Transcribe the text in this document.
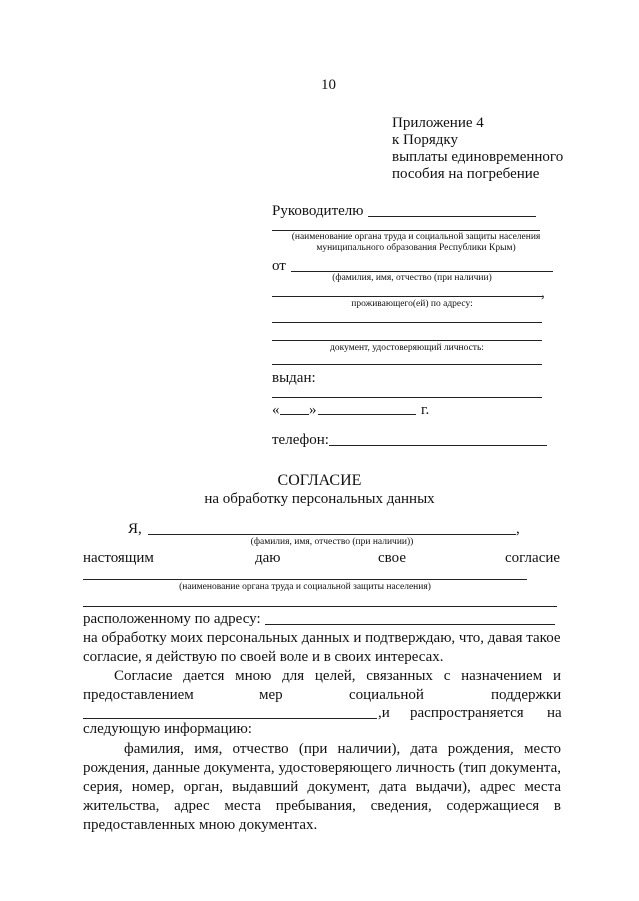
10
Приложение 4
к Порядку
выплаты единовременного
пособия на погребение
Руководителю
(наименование органа труда и социальной защиты населения
муниципального образования Республики Крым)
от
(фамилия, имя, отчество (при наличии)
,
проживающего(ей) по адресу:
документ, удостоверяющий личность:
выдан:
« »	г.
телефон:
СОГЛАСИЕ
на обработку персональных данных
Я,	,
(фамилия, имя, отчество (при наличии))
настоящим	даю	свое	согласие
(наименование органа труда и социальной защиты населения)
расположенному по адресу:
на обработку моих персональных данных и подтверждаю, что, давая такое
согласие, я действую по своей воле и в своих интересах.
Согласие дается мною для целей, связанных с назначением и
предоставлением	мер	социальной	поддержки
,и распространяется на
следующую информацию:
фамилия, имя, отчество (при наличии), дата рождения, место
рождения, данные документа, удостоверяющего личность (тип документа,
серия, номер, орган, выдавший документ, дата выдачи), адрес места
жительства, адрес места пребывания, сведения, содержащиеся в
предоставленных мною документах.
